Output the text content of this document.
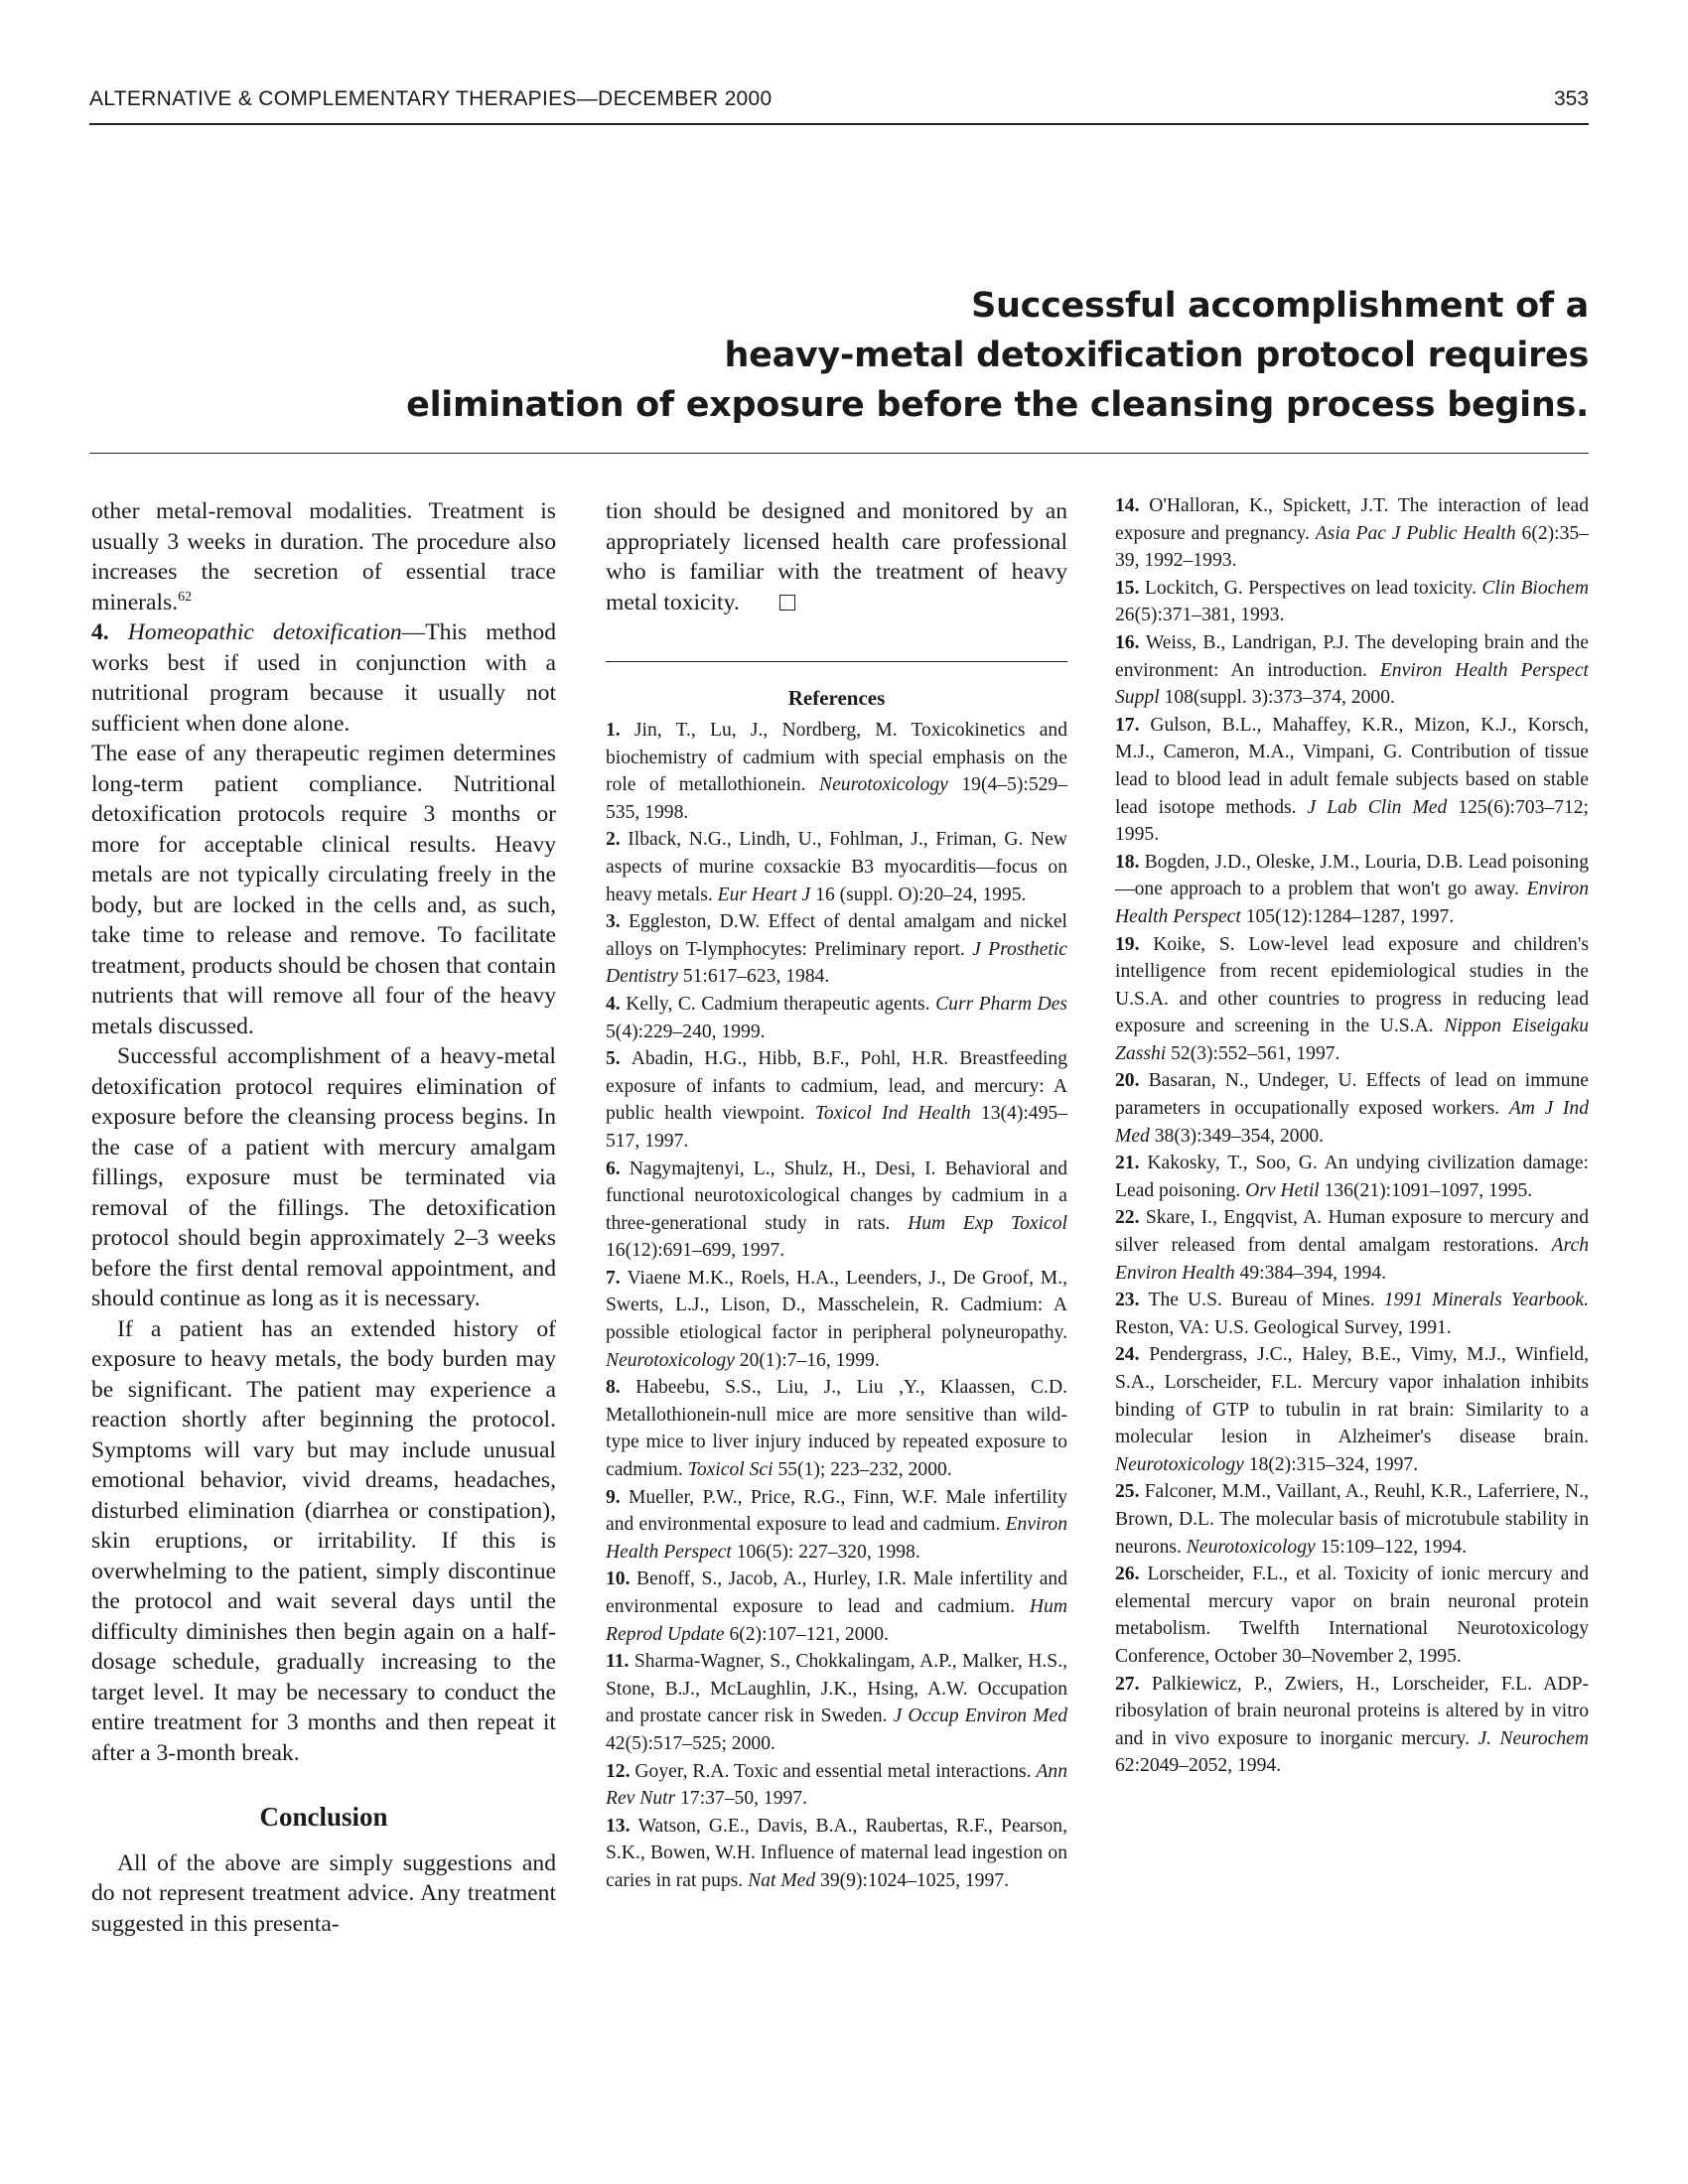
ALTERNATIVE & COMPLEMENTARY THERAPIES—DECEMBER 2000	353
Successful accomplishment of a
heavy-metal detoxification protocol requires
elimination of exposure before the cleansing process begins.

other metal-removal modalities. Treatment is usually 3 weeks in duration. The procedure also increases the secretion of essential trace minerals.$^{62}$

4. Homeopathic detoxification—This method works best if used in conjunction with a nutritional program because it usually not sufficient when done alone.

The ease of any therapeutic regimen determines long-term patient compliance. Nutritional detoxification protocols require 3 months or more for acceptable clinical results. Heavy metals are not typically circulating freely in the body, but are locked in the cells and, as such, take time to release and remove. To facilitate treatment, products should be chosen that contain nutrients that will remove all four of the heavy metals discussed.

Successful accomplishment of a heavy-metal detoxification protocol requires elimination of exposure before the cleansing process begins. In the case of a patient with mercury amalgam fillings, exposure must be terminated via removal of the fillings. The detoxification protocol should begin approximately 2–3 weeks before the first dental removal appointment, and should continue as long as it is necessary.

If a patient has an extended history of exposure to heavy metals, the body burden may be significant. The patient may experience a reaction shortly after beginning the protocol. Symptoms will vary but may include unusual emotional behavior, vivid dreams, headaches, disturbed elimination (diarrhea or constipation), skin eruptions, or irritability. If this is overwhelming to the patient, simply discontinue the protocol and wait several days until the difficulty diminishes then begin again on a half-dosage schedule, gradually increasing to the target level. It may be necessary to conduct the entire treatment for 3 months and then repeat it after a 3-month break.

Conclusion

All of the above are simply suggestions and do not represent treatment advice. Any treatment suggested in this presenta-

tion should be designed and monitored by an appropriately licensed health care professional who is familiar with the treatment of heavy metal toxicity.

References

1. Jin, T., Lu, J., Nordberg, M. Toxicokinetics and biochemistry of cadmium with special emphasis on the role of metallothionein. Neurotoxicology 19(4–5):529–535, 1998.

2. Ilback, N.G., Lindh, U., Fohlman, J., Friman, G. New aspects of murine coxsackie B3 myocarditis—focus on heavy metals. Eur Heart J 16 (suppl. O):20–24, 1995.

3. Eggleston, D.W. Effect of dental amalgam and nickel alloys on T-lymphocytes: Preliminary report. J Prosthetic Dentistry 51:617–623, 1984.

4. Kelly, C. Cadmium therapeutic agents. Curr Pharm Des 5(4):229–240, 1999.

5. Abadin, H.G., Hibb, B.F., Pohl, H.R. Breastfeeding exposure of infants to cadmium, lead, and mercury: A public health viewpoint. Toxicol Ind Health 13(4):495–517, 1997.

6. Nagymajtenyi, L., Shulz, H., Desi, I. Behavioral and functional neurotoxicological changes by cadmium in a three-generational study in rats. Hum Exp Toxicol 16(12):691–699, 1997.

7. Viaene M.K., Roels, H.A., Leenders, J., De Groof, M., Swerts, L.J., Lison, D., Masschelein, R. Cadmium: A possible etiological factor in peripheral polyneuropathy. Neurotoxicology 20(1):7–16, 1999.

8. Habeebu, S.S., Liu, J., Liu ,Y., Klaassen, C.D. Metallothionein-null mice are more sensitive than wild-type mice to liver injury induced by repeated exposure to cadmium. Toxicol Sci 55(1); 223–232, 2000.

9. Mueller, P.W., Price, R.G., Finn, W.F. Male infertility and environmental exposure to lead and cadmium. Environ Health Perspect 106(5): 227–320, 1998.

10. Benoff, S., Jacob, A., Hurley, I.R. Male infertility and environmental exposure to lead and cadmium. Hum Reprod Update 6(2):107–121, 2000.

11. Sharma-Wagner, S., Chokkalingam, A.P., Malker, H.S., Stone, B.J., McLaughlin, J.K., Hsing, A.W. Occupation and prostate cancer risk in Sweden. J Occup Environ Med 42(5):517–525; 2000.

12. Goyer, R.A. Toxic and essential metal interactions. Ann Rev Nutr 17:37–50, 1997.

13. Watson, G.E., Davis, B.A., Raubertas, R.F., Pearson, S.K., Bowen, W.H. Influence of maternal lead ingestion on caries in rat pups. Nat Med 39(9):1024–1025, 1997.

14. O'Halloran, K., Spickett, J.T. The interaction of lead exposure and pregnancy. Asia Pac J Public Health 6(2):35–39, 1992–1993.

15. Lockitch, G. Perspectives on lead toxicity. Clin Biochem 26(5):371–381, 1993.

16. Weiss, B., Landrigan, P.J. The developing brain and the environment: An introduction. Environ Health Perspect Suppl 108(suppl. 3):373–374, 2000.

17. Gulson, B.L., Mahaffey, K.R., Mizon, K.J., Korsch, M.J., Cameron, M.A., Vimpani, G. Contribution of tissue lead to blood lead in adult female subjects based on stable lead isotope methods. J Lab Clin Med 125(6):703–712; 1995.

18. Bogden, J.D., Oleske, J.M., Louria, D.B. Lead poisoning—one approach to a problem that won't go away. Environ Health Perspect 105(12):1284–1287, 1997.

19. Koike, S. Low-level lead exposure and children's intelligence from recent epidemiological studies in the U.S.A. and other countries to progress in reducing lead exposure and screening in the U.S.A. Nippon Eiseigaku Zasshi 52(3):552–561, 1997.

20. Basaran, N., Undeger, U. Effects of lead on immune parameters in occupationally exposed workers. Am J Ind Med 38(3):349–354, 2000.

21. Kakosky, T., Soo, G. An undying civilization damage: Lead poisoning. Orv Hetil 136(21):1091–1097, 1995.

22. Skare, I., Engqvist, A. Human exposure to mercury and silver released from dental amalgam restorations. Arch Environ Health 49:384–394, 1994.

23. The U.S. Bureau of Mines. 1991 Minerals Yearbook. Reston, VA: U.S. Geological Survey, 1991.

24. Pendergrass, J.C., Haley, B.E., Vimy, M.J., Winfield, S.A., Lorscheider, F.L. Mercury vapor inhalation inhibits binding of GTP to tubulin in rat brain: Similarity to a molecular lesion in Alzheimer's disease brain. Neurotoxicology 18(2):315–324, 1997.

25. Falconer, M.M., Vaillant, A., Reuhl, K.R., Laferriere, N., Brown, D.L. The molecular basis of microtubule stability in neurons. Neurotoxicology 15:109–122, 1994.

26. Lorscheider, F.L., et al. Toxicity of ionic mercury and elemental mercury vapor on brain neuronal protein metabolism. Twelfth International Neurotoxicology Conference, October 30–November 2, 1995.

27. Palkiewicz, P., Zwiers, H., Lorscheider, F.L. ADP-ribosylation of brain neuronal proteins is altered by in vitro and in vivo exposure to inorganic mercury. J. Neurochem 62:2049–2052, 1994.
